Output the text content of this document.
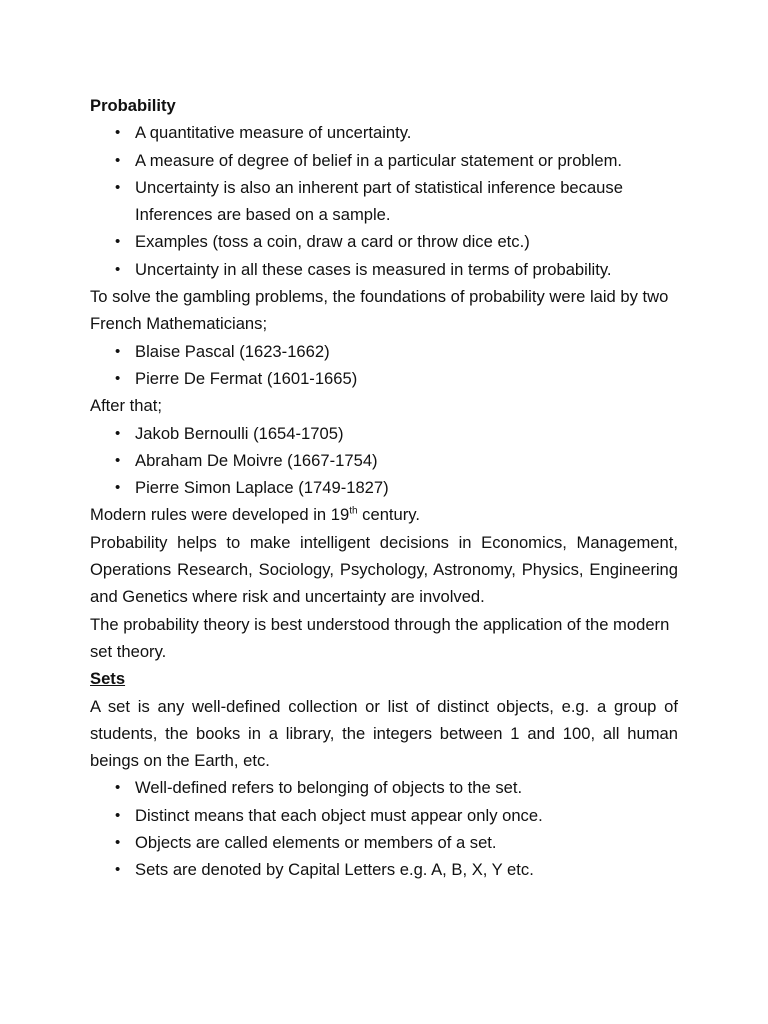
Probability

• A quantitative measure of uncertainty.
• A measure of degree of belief in a particular statement or problem.
• Uncertainty is also an inherent part of statistical inference because Inferences are based on a sample.
• Examples (toss a coin, draw a card or throw dice etc.)
• Uncertainty in all these cases is measured in terms of probability.

To solve the gambling problems, the foundations of probability were laid by two French Mathematicians;

• Blaise Pascal (1623-1662)
• Pierre De Fermat (1601-1665)

After that;

• Jakob Bernoulli (1654-1705)
• Abraham De Moivre (1667-1754)
• Pierre Simon Laplace (1749-1827)

Modern rules were developed in 19th century.

Probability helps to make intelligent decisions in Economics, Management, Operations Research, Sociology, Psychology, Astronomy, Physics, Engineering and Genetics where risk and uncertainty are involved.

The probability theory is best understood through the application of the modern set theory.

Sets

A set is any well-defined collection or list of distinct objects, e.g. a group of students, the books in a library, the integers between 1 and 100, all human beings on the Earth, etc.

• Well-defined refers to belonging of objects to the set.
• Distinct means that each object must appear only once.
• Objects are called elements or members of a set.
• Sets are denoted by Capital Letters e.g. A, B, X, Y etc.
